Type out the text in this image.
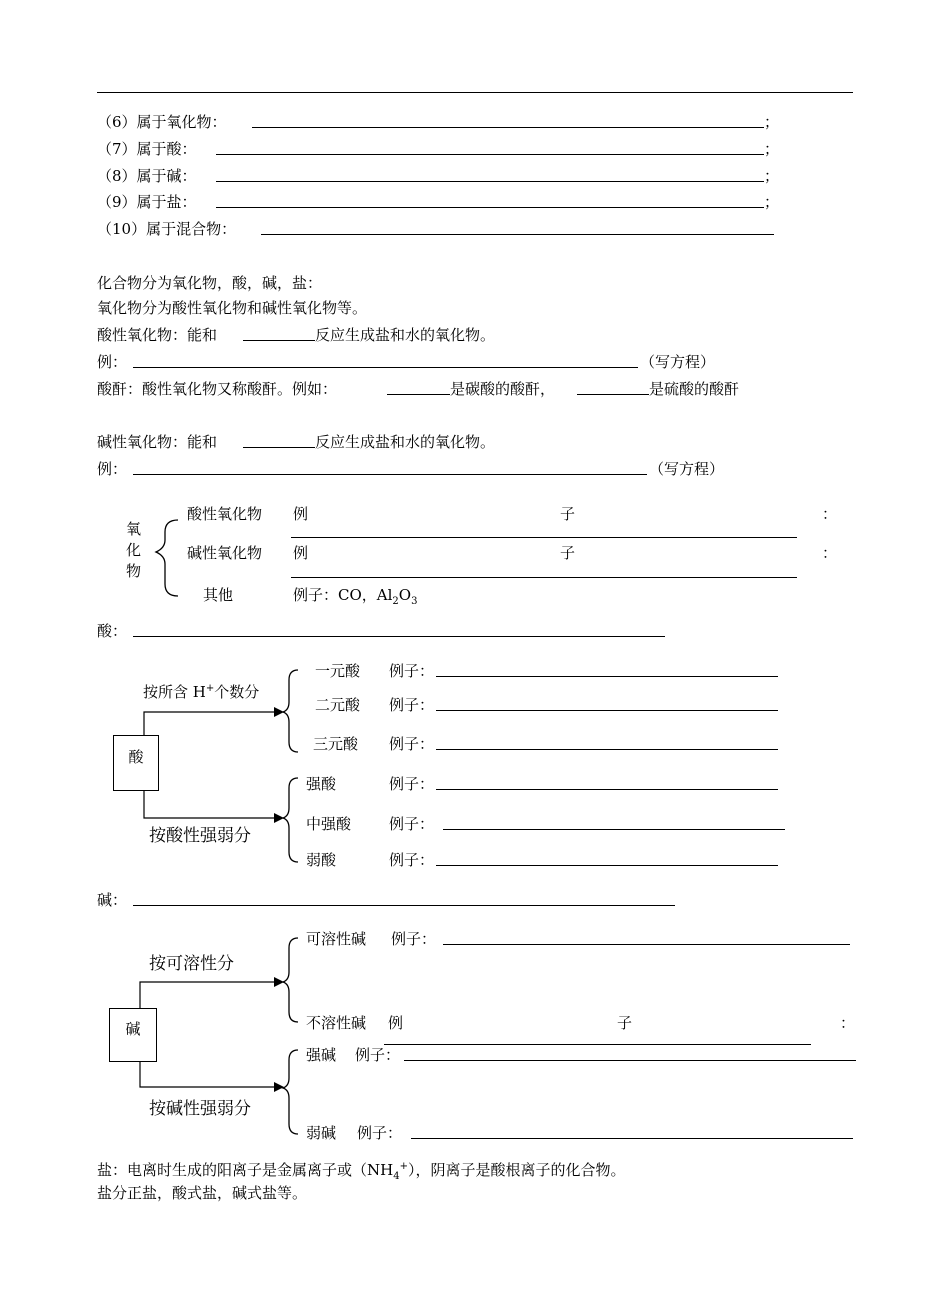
（6）属于氧化物：	；
（7）属于酸：	；
（8）属于碱：	；
（9）属于盐：	；
（10）属于混合物：
化合物分为氧化物，酸，碱，盐：
氧化物分为酸性氧化物和碱性氧化物等。
酸性氧化物：能和	反应生成盐和水的氧化物。
例：	（写方程）
酸酐：酸性氧化物又称酸酐。例如：	是碳酸的酸酐，	是硫酸的酸酐
碱性氧化物：能和	反应生成盐和水的氧化物。
例：	（写方程）
氧
化
物
酸性氧化物 例	子	：
碱性氧化物 例	子	：
其他	例子：CO，$Al_2O_3$
酸：
酸
按所含 H+个数分
按酸性强弱分
一元酸 例子：
二元酸 例子：
三元酸 例子：
强酸	例子：
中强酸	例子：
弱酸	例子：
碱：
碱
按可溶性分
按碱性强弱分
可溶性碱 例子：
不溶性碱 例	子	：
强碱 例子：
弱碱 例子：
盐：电离时生成的阳离子是金属离子或$(NH_4^+)$，阴离子是酸根离子的化合物。
盐分正盐，酸式盐，碱式盐等。
